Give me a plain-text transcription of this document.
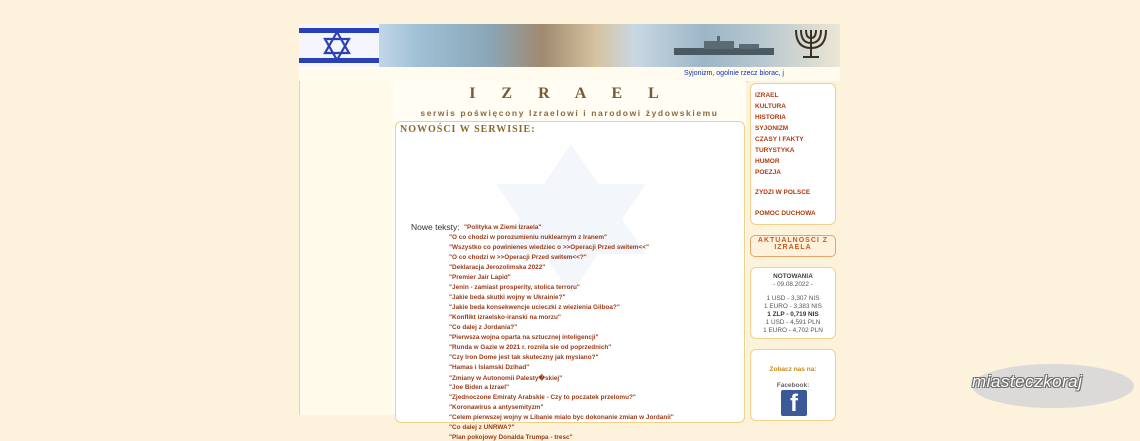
Syjonizm, ogolnie rzecz biorac, j
I Z R A E L
serwis poświęcony Izraelowi i narodowi żydowskiemu
NOWOŚCI W SERWISIE:
Nowe teksty: "Polityka w Ziemi Izraela"
"O co chodzi w porozumieniu nuklearnym z Iranem"
"Wszystko co powinienes wiedziec o >>Operacji Przed switem<<"
"O co chodzi w >>Operacji Przed switem<<?"
"Deklaracja Jerozolimska 2022"
"Premier Jair Lapid"
"Jenin - zamiast prosperity, stolica terroru"
"Jakie beda skutki wojny w Ukrainie?"
"Jakie beda konsekwencje ucieczki z wiezienia Gilboa?"
"Konflikt izraelsko-iranski na morzu"
"Co dalej z Jordania?"
"Pierwsza wojna oparta na sztucznej inteligencji"
"Runda w Gazie w 2021 r. roznila sie od poprzednich"
"Czy Iron Dome jest tak skuteczny jak myslano?"
"Hamas i Islamski Dzihad"
"Zmiany w Autonomii Palesty�skiej"
"Joe Biden a Izrael"
"Zjednoczone Emiraty Arabskie - Czy to poczatek przelomu?"
"Koronawirus a antysemityzm"
"Celem pierwszej wojny w Libanie mialo byc dokonanie zmian w Jordanii"
"Co dalej z UNRWA?"
"Plan pokojowy Donalda Trumpa - tresc"
IZRAEL
KULTURA
HISTORIA
SYJONIZM
CZASY I FAKTY
TURYSTYKA
HUMOR
POEZJA
ZYDZI W POLSCE
POMOC DUCHOWA
AKTUALNOŚCI Z IZRAELA
NOTOWANIA
- 09.08.2022 -
1 USD - 3,307 NIS
1 EURO - 3,383 NIS
1 ZLP - 0,719 NIS
1 USD - 4,591 PLN
1 EURO - 4,702 PLN
Zobacz nas na:
Facebook:
f
miasteczkoraj
